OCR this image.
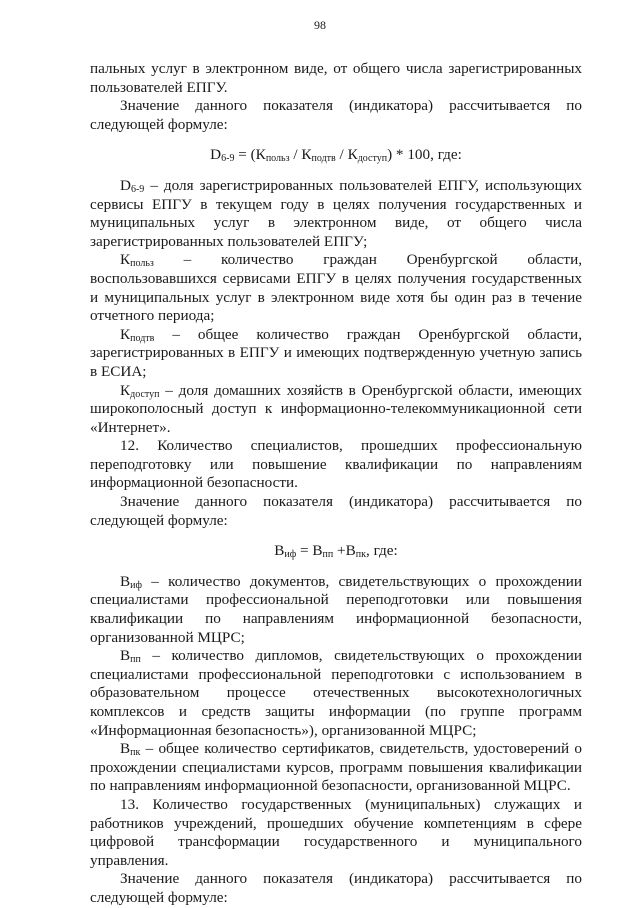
98

пальных услуг в электронном виде, от общего числа зарегистрированных пользователей ЕПГУ.

Значение данного показателя (индикатора) рассчитывается по следующей формуле:

$D_{6-9} = (К_{польз} / К_{подтв} / К_{доступ}) * 100$, где:

$D_{6-9}$ – доля зарегистрированных пользователей ЕПГУ, использующих сервисы ЕПГУ в текущем году в целях получения государственных и муниципальных услуг в электронном виде, от общего числа зарегистрированных пользователей ЕПГУ;

$К_{польз}$ – количество граждан Оренбургской области, воспользовавшихся сервисами ЕПГУ в целях получения государственных и муниципальных услуг в электронном виде хотя бы один раз в течение отчетного периода;

$К_{подтв}$ – общее количество граждан Оренбургской области, зарегистрированных в ЕПГУ и имеющих подтвержденную учетную запись в ЕСИА;

$К_{доступ}$ – доля домашних хозяйств в Оренбургской области, имеющих широкополосный доступ к информационно-телекоммуникационной сети «Интернет».

12. Количество специалистов, прошедших профессиональную переподготовку или повышение квалификации по направлениям информационной безопасности.

Значение данного показателя (индикатора) рассчитывается по следующей формуле:

$В_{иф} = В_{пп} +В_{пк}$, где:

$В_{иф}$ – количество документов, свидетельствующих о прохождении специалистами профессиональной переподготовки или повышения квалификации по направлениям информационной безопасности, организованной МЦРС;

$В_{пп}$ – количество дипломов, свидетельствующих о прохождении специалистами профессиональной переподготовки с использованием в образовательном процессе отечественных высокотехнологичных комплексов и средств защиты информации (по группе программ «Информационная безопасность»), организованной МЦРС;

$В_{пк}$ – общее количество сертификатов, свидетельств, удостоверений о прохождении специалистами курсов, программ повышения квалификации по направлениям информационной безопасности, организованной МЦРС.

13. Количество государственных (муниципальных) служащих и работников учреждений, прошедших обучение компетенциям в сфере цифровой трансформации государственного и муниципального управления.

Значение данного показателя (индикатора) рассчитывается по следующей формуле:
